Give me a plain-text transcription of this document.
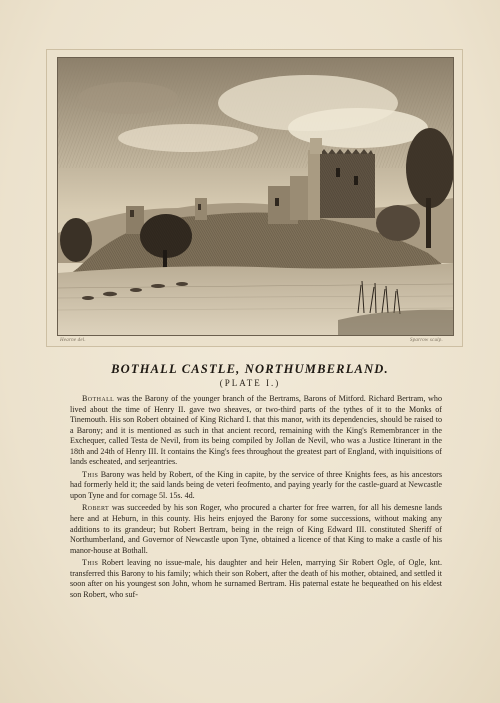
Hearne del.	Sparrow sculp.
BOTHALL CASTLE, NORTHUMBERLAND.
(PLATE I.)

Bothall was the Barony of the younger branch of the Bertrams, Barons of Mitford. Richard Bertram, who lived about the time of Henry II. gave two sheaves, or two-third parts of the tythes of it to the Monks of Tinemouth. His son Robert obtained of King Richard I. that this manor, with its dependencies, should be raised to a Barony; and it is mentioned as such in that ancient record, remaining with the King's Remembrancer in the Exchequer, called Testa de Nevil, from its being compiled by Jollan de Nevil, who was a Justice Itinerant in the 18th and 24th of Henry III. It contains the King's fees throughout the greatest part of England, with inquisitions of lands escheated, and serjeantries.

This Barony was held by Robert, of the King in capite, by the service of three Knights fees, as his ancestors had formerly held it; the said lands being de veteri feofmento, and paying yearly for the castle-guard at Newcastle upon Tyne and for cornage 5l. 15s. 4d.

Robert was succeeded by his son Roger, who procured a charter for free warren, for all his demesne lands here and at Heburn, in this county. His heirs enjoyed the Barony for some successions, without making any additions to its grandeur; but Robert Bertram, being in the reign of King Edward III. constituted Sheriff of Northumberland, and Governor of Newcastle upon Tyne, obtained a licence of that King to make a castle of his manor-house at Bothall.

This Robert leaving no issue-male, his daughter and heir Helen, marrying Sir Robert Ogle, of Ogle, knt. transferred this Barony to his family; which their son Robert, after the death of his mother, obtained, and settled it soon after on his youngest son John, whom he surnamed Bertram. His paternal estate he bequeathed on his eldest son Robert, who suf-
